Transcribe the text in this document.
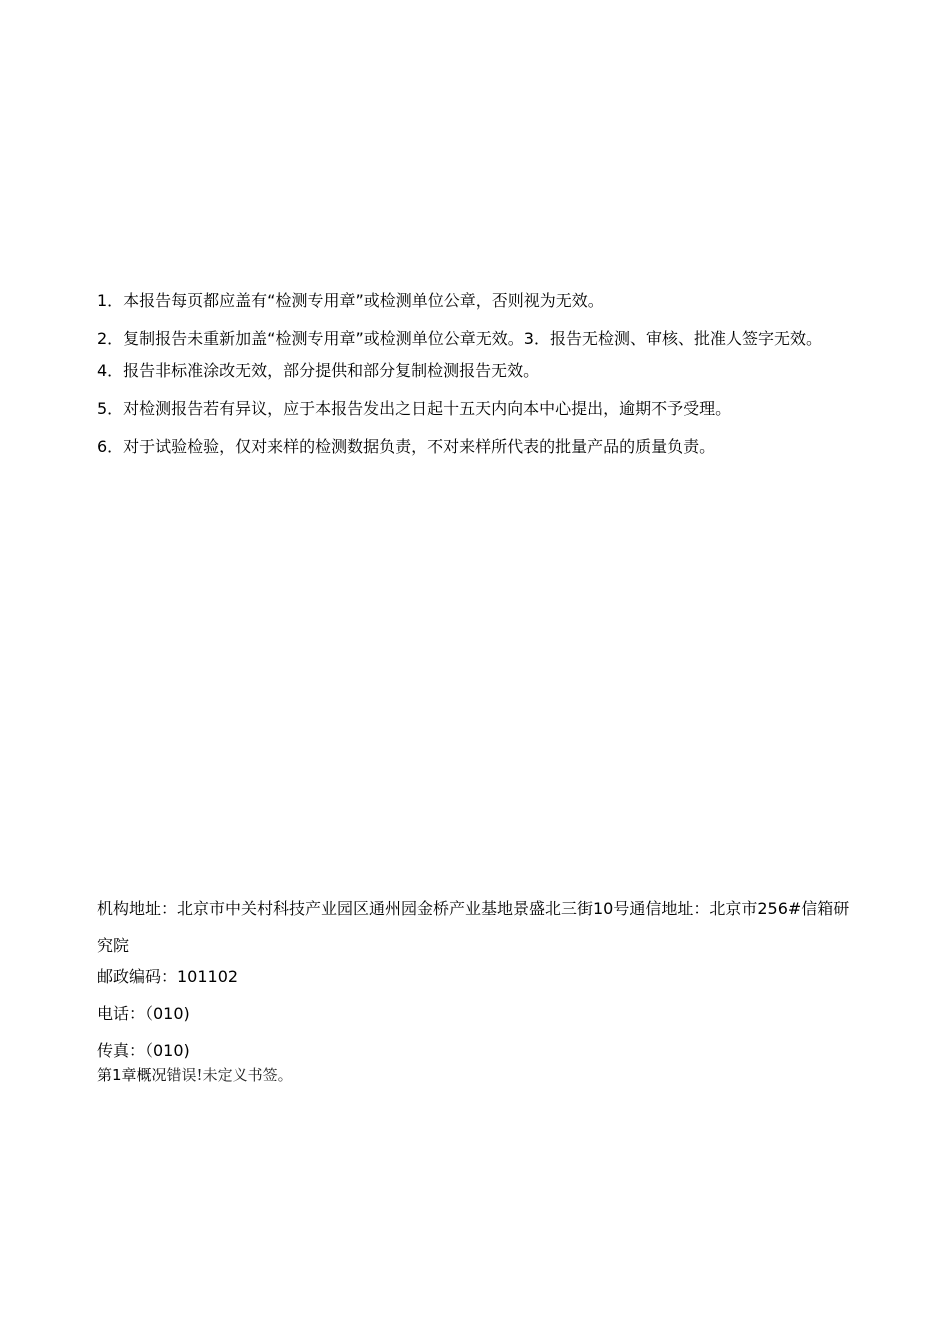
1．本报告每页都应盖有“检测专用章”或检测单位公章，否则视为无效。

2．复制报告未重新加盖“检测专用章”或检测单位公章无效。3．报告无检测、审核、批准人签字无效。

4．报告非标准涂改无效，部分提供和部分复制检测报告无效。

5．对检测报告若有异议，应于本报告发出之日起十五天内向本中心提出，逾期不予受理。

6．对于试验检验，仅对来样的检测数据负责，不对来样所代表的批量产品的质量负责。

机构地址：北京市中关村科技产业园区通州园金桥产业基地景盛北三街10号通信地址：北京市256#信箱研究院

邮政编码：101102

电话：（010)

传真：（010)

第1章概况错误!未定义书签。
